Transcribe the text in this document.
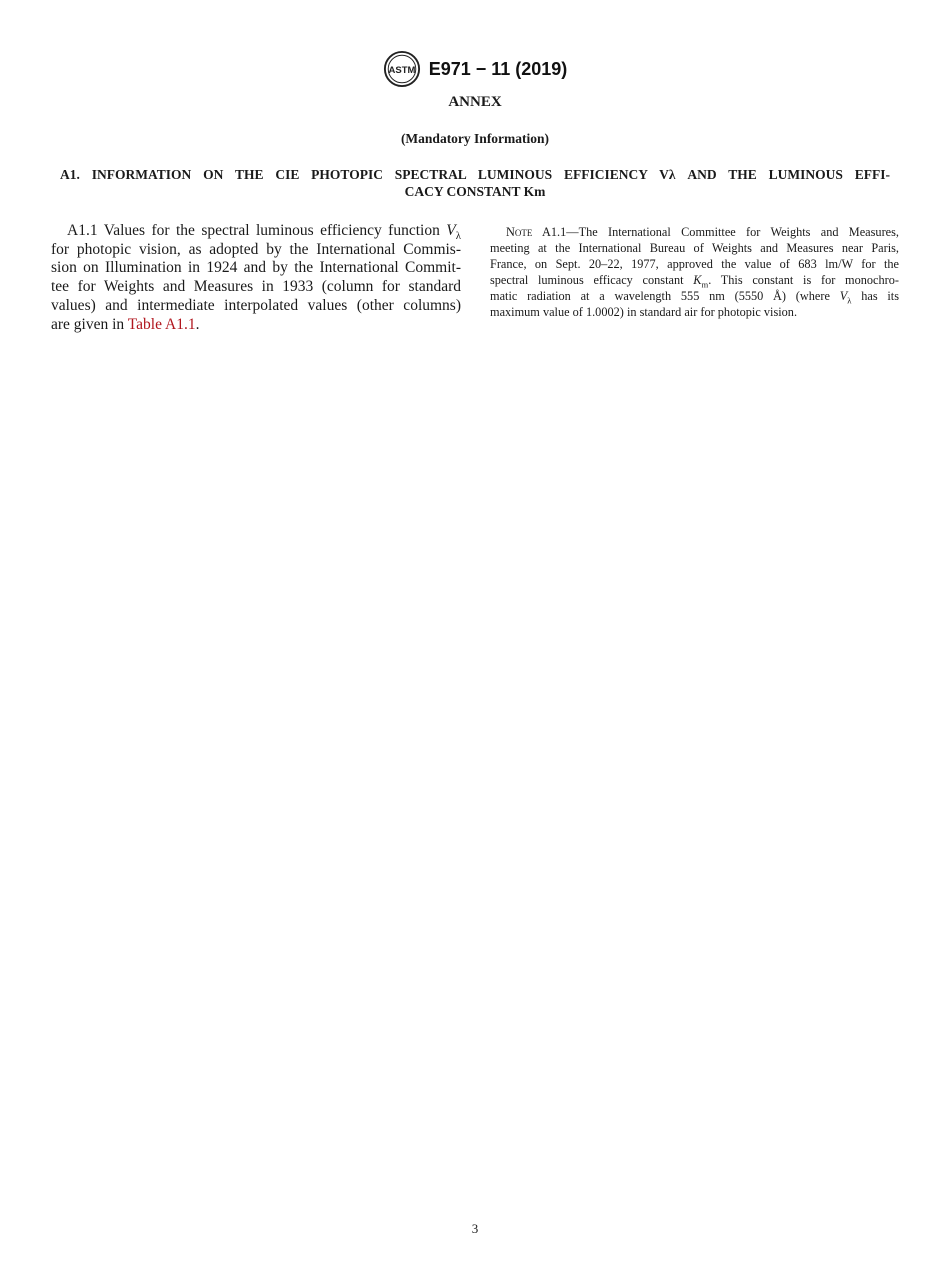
ASTM E971 − 11 (2019)
ANNEX
(Mandatory Information)
A1. INFORMATION ON THE CIE PHOTOPIC SPECTRAL LUMINOUS EFFICIENCY Vλ AND THE LUMINOUS EFFI-
CACY CONSTANT Km
A1.1 Values for the spectral luminous efficiency function $V_\lambda$
for photopic vision, as adopted by the International Commis-
sion on Illumination in 1924 and by the International Commit-
tee for Weights and Measures in 1933 (column for standard
values) and intermediate interpolated values (other columns)
are given in Table A1.1.
Note A1.1—The International Committee for Weights and Measures,
meeting at the International Bureau of Weights and Measures near Paris,
France, on Sept. 20–22, 1977, approved the value of 683 lm/W for the
spectral luminous efficacy constant $K_m$. This constant is for monochro-
matic radiation at a wavelength 555 nm (5550 Å) (where $V_\lambda$ has its
maximum value of 1.0002) in standard air for photopic vision.
3
